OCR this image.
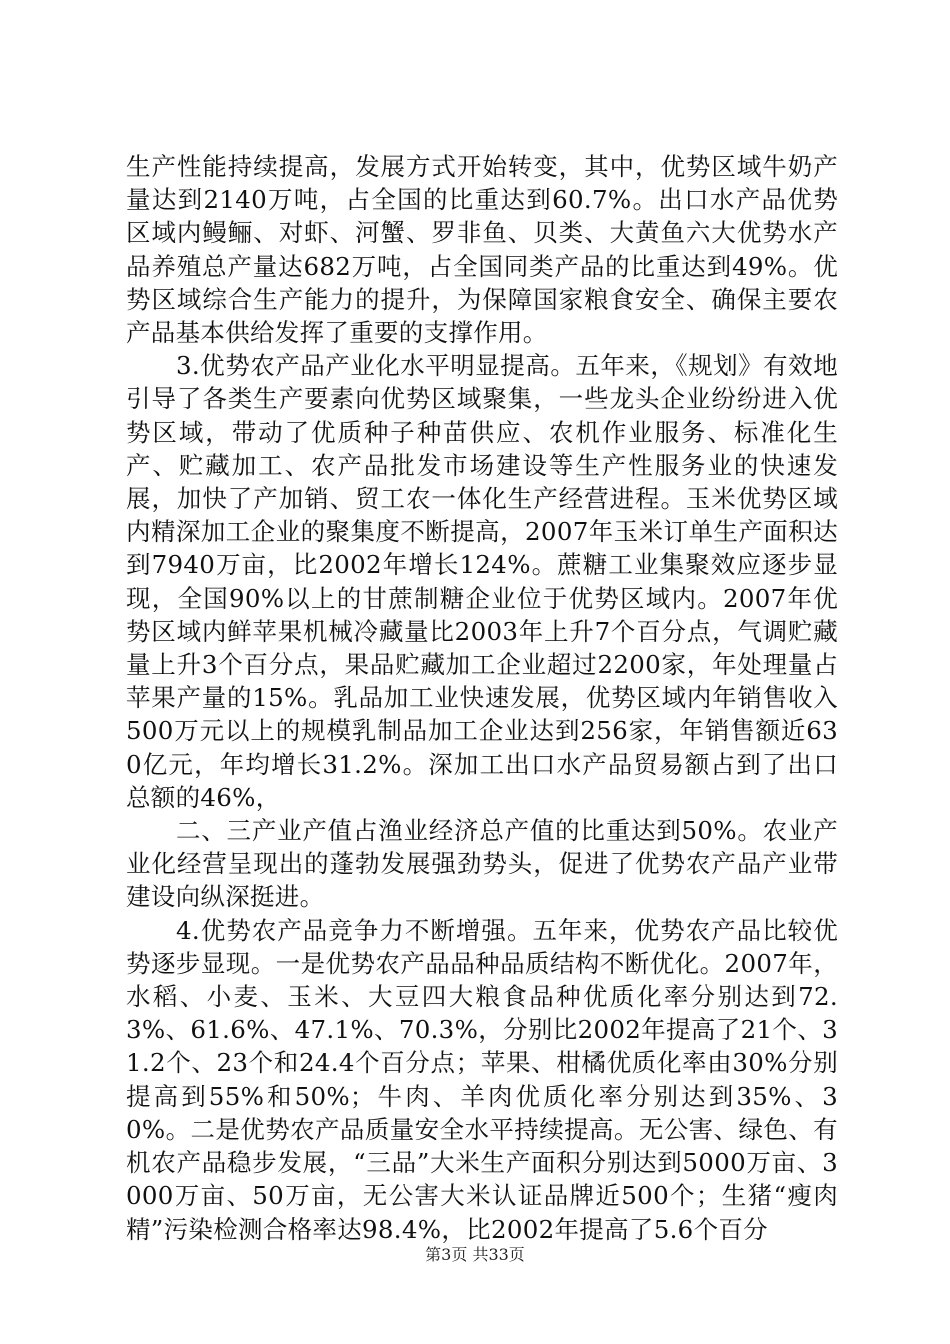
生产性能持续提高，发展方式开始转变，其中，优势区域牛奶产量达到2140万吨，占全国的比重达到60.7%。出口水产品优势区域内鳗鲡、对虾、河蟹、罗非鱼、贝类、大黄鱼六大优势水产品养殖总产量达682万吨，占全国同类产品的比重达到49%。优势区域综合生产能力的提升，为保障国家粮食安全、确保主要农产品基本供给发挥了重要的支撑作用。

3.优势农产品产业化水平明显提高。五年来，《规划》有效地引导了各类生产要素向优势区域聚集，一些龙头企业纷纷进入优势区域，带动了优质种子种苗供应、农机作业服务、标准化生产、贮藏加工、农产品批发市场建设等生产性服务业的快速发展，加快了产加销、贸工农一体化生产经营进程。玉米优势区域内精深加工企业的聚集度不断提高，2007年玉米订单生产面积达到7940万亩，比2002年增长124%。蔗糖工业集聚效应逐步显现，全国90%以上的甘蔗制糖企业位于优势区域内。2007年优势区域内鲜苹果机械冷藏量比2003年上升7个百分点，气调贮藏量上升3个百分点，果品贮藏加工企业超过2200家，年处理量占苹果产量的15%。乳品加工业快速发展，优势区域内年销售收入500万元以上的规模乳制品加工企业达到256家，年销售额近630亿元，年均增长31.2%。深加工出口水产品贸易额占到了出口总额的46%，

二、三产业产值占渔业经济总产值的比重达到50%。农业产业化经营呈现出的蓬勃发展强劲势头，促进了优势农产品产业带建设向纵深挺进。

4.优势农产品竞争力不断增强。五年来，优势农产品比较优势逐步显现。一是优势农产品品种品质结构不断优化。2007年，水稻、小麦、玉米、大豆四大粮食品种优质化率分别达到72.3%、61.6%、47.1%、70.3%，分别比2002年提高了21个、31.2个、23个和24.4个百分点；苹果、柑橘优质化率由30%分别提高到55%和50%；牛肉、羊肉优质化率分别达到35%、30%。二是优势农产品质量安全水平持续提高。无公害、绿色、有机农产品稳步发展，“三品”大米生产面积分别达到5000万亩、3000万亩、50万亩，无公害大米认证品牌近500个；生猪“瘦肉精”污染检测合格率达98.4%，比2002年提高了5.6个百分

第3页 共33页
